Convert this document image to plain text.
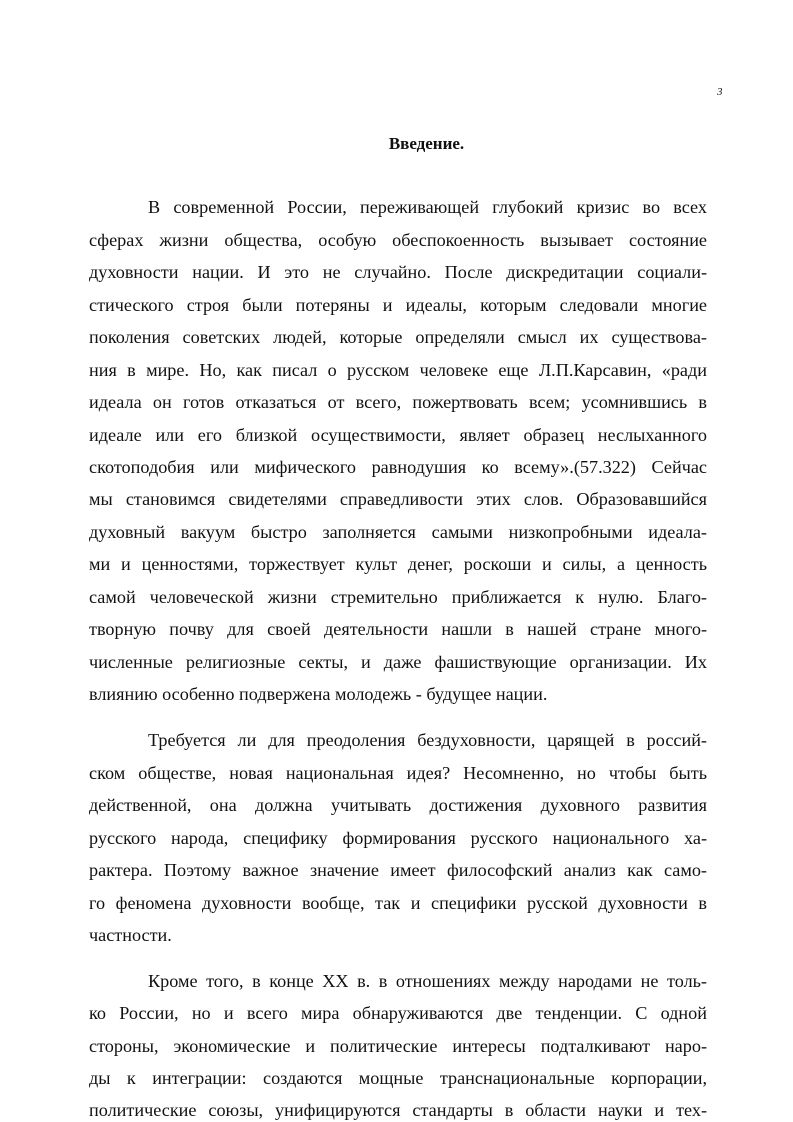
3
Введение.
В современной России, переживающей глубокий кризис во всех
сферах жизни общества, особую обеспокоенность вызывает состояние
духовности нации. И это не случайно. После дискредитации социали-
стического строя были потеряны и идеалы, которым следовали многие
поколения советских людей, которые определяли смысл их существова-
ния в мире. Но, как писал о русском человеке еще Л.П.Карсавин, «ради
идеала он готов отказаться от всего, пожертвовать всем; усомнившись в
идеале или его близкой осуществимости, являет образец неслыханного
скотоподобия или мифического равнодушия ко всему».(57.322) Сейчас
мы становимся свидетелями справедливости этих слов. Образовавшийся
духовный вакуум быстро заполняется самыми низкопробными идеала-
ми и ценностями, торжествует культ денег, роскоши и силы, а ценность
самой человеческой жизни стремительно приближается к нулю. Благо-
творную почву для своей деятельности нашли в нашей стране много-
численные религиозные секты, и даже фашиствующие организации. Их
влиянию особенно подвержена молодежь - будущее нации.
Требуется ли для преодоления бездуховности, царящей в россий-
ском обществе, новая национальная идея? Несомненно, но чтобы быть
действенной, она должна учитывать достижения духовного развития
русского народа, специфику формирования русского национального ха-
рактера. Поэтому важное значение имеет философский анализ как само-
го феномена духовности вообще, так и специфики русской духовности в
частности.
Кроме того, в конце XX в. в отношениях между народами не толь-
ко России, но и всего мира обнаруживаются две тенденции. С одной
стороны, экономические и политические интересы подталкивают наро-
ды к интеграции: создаются мощные транснациональные корпорации,
политические союзы, унифицируются стандарты в области науки и тех-
